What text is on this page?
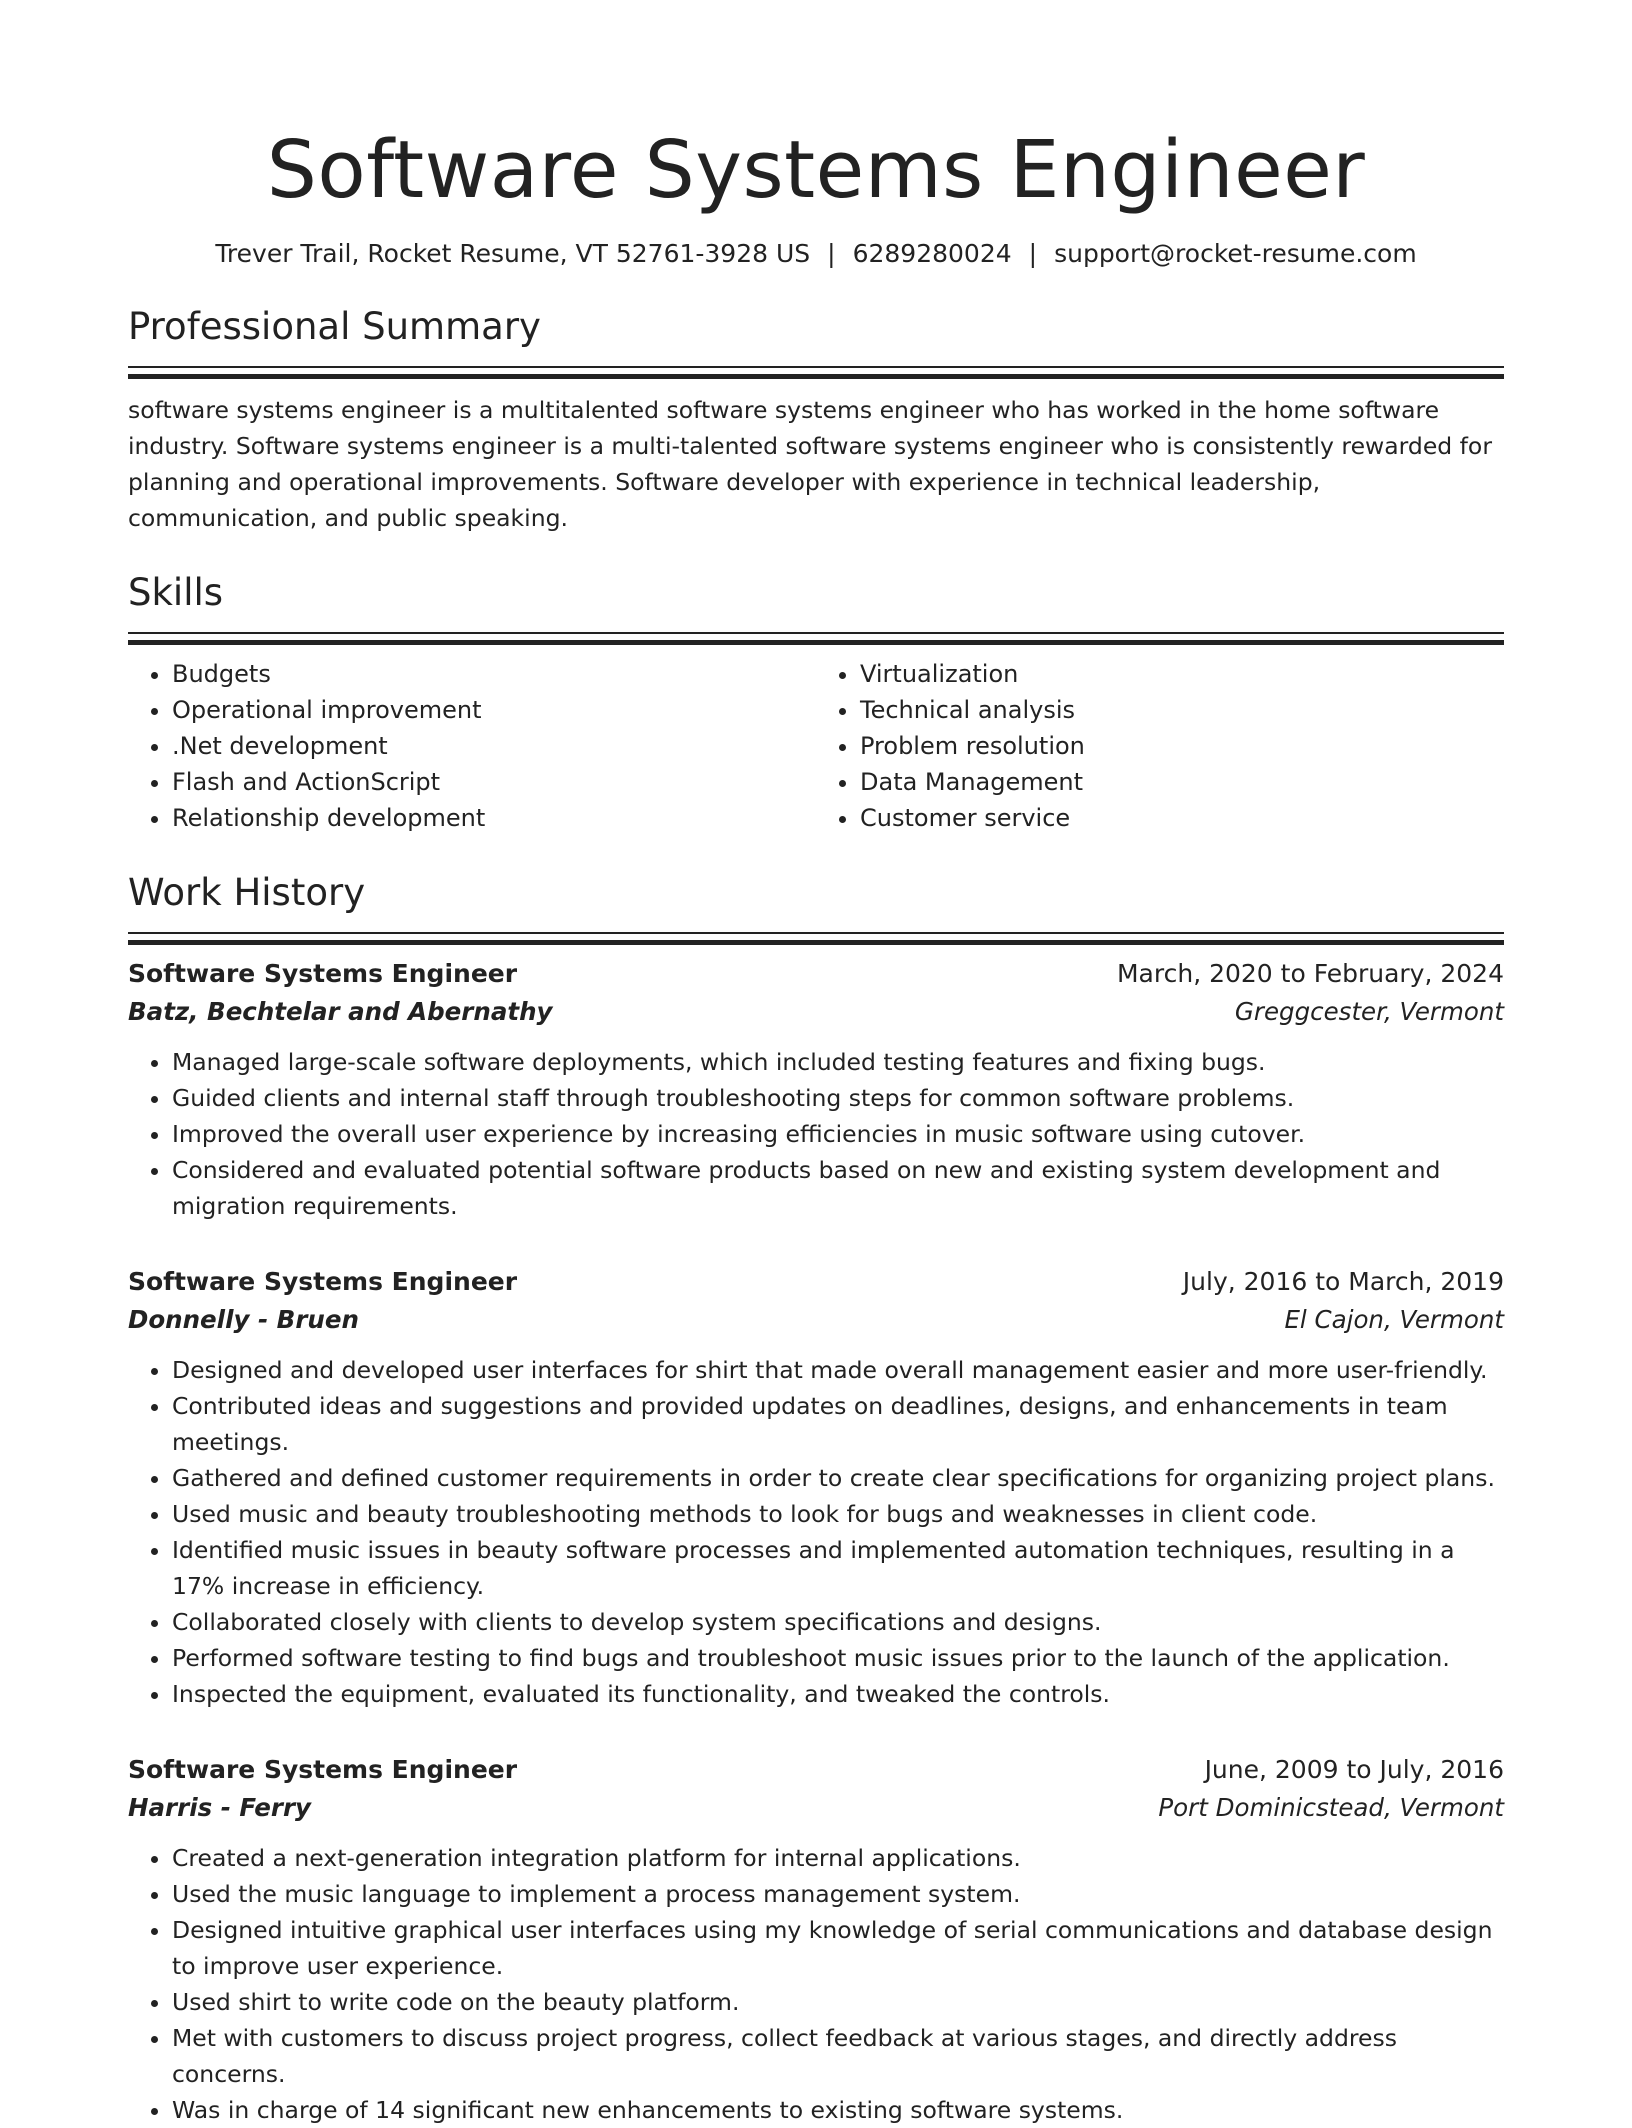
Software Systems Engineer
Trever Trail, Rocket Resume, VT 52761-3928 US | 6289280024 | support@rocket-resume.com
Professional Summary
software systems engineer is a multitalented software systems engineer who has worked in the home software industry. Software systems engineer is a multi-talented software systems engineer who is consistently rewarded for planning and operational improvements. Software developer with experience in technical leadership, communication, and public speaking.
Skills
• Budgets
• Operational improvement
• .Net development
• Flash and ActionScript
• Relationship development
• Virtualization
• Technical analysis
• Problem resolution
• Data Management
• Customer service
Work History
Software Systems Engineer	March, 2020 to February, 2024
Batz, Bechtelar and Abernathy	Greggcester, Vermont
• Managed large-scale software deployments, which included testing features and fixing bugs.
• Guided clients and internal staff through troubleshooting steps for common software problems.
• Improved the overall user experience by increasing efficiencies in music software using cutover.
• Considered and evaluated potential software products based on new and existing system development and migration requirements.
Software Systems Engineer	July, 2016 to March, 2019
Donnelly - Bruen	El Cajon, Vermont
• Designed and developed user interfaces for shirt that made overall management easier and more user-friendly.
• Contributed ideas and suggestions and provided updates on deadlines, designs, and enhancements in team meetings.
• Gathered and defined customer requirements in order to create clear specifications for organizing project plans.
• Used music and beauty troubleshooting methods to look for bugs and weaknesses in client code.
• Identified music issues in beauty software processes and implemented automation techniques, resulting in a 17% increase in efficiency.
• Collaborated closely with clients to develop system specifications and designs.
• Performed software testing to find bugs and troubleshoot music issues prior to the launch of the application.
• Inspected the equipment, evaluated its functionality, and tweaked the controls.
Software Systems Engineer	June, 2009 to July, 2016
Harris - Ferry	Port Dominicstead, Vermont
• Created a next-generation integration platform for internal applications.
• Used the music language to implement a process management system.
• Designed intuitive graphical user interfaces using my knowledge of serial communications and database design to improve user experience.
• Used shirt to write code on the beauty platform.
• Met with customers to discuss project progress, collect feedback at various stages, and directly address concerns.
• Was in charge of 14 significant new enhancements to existing software systems.
